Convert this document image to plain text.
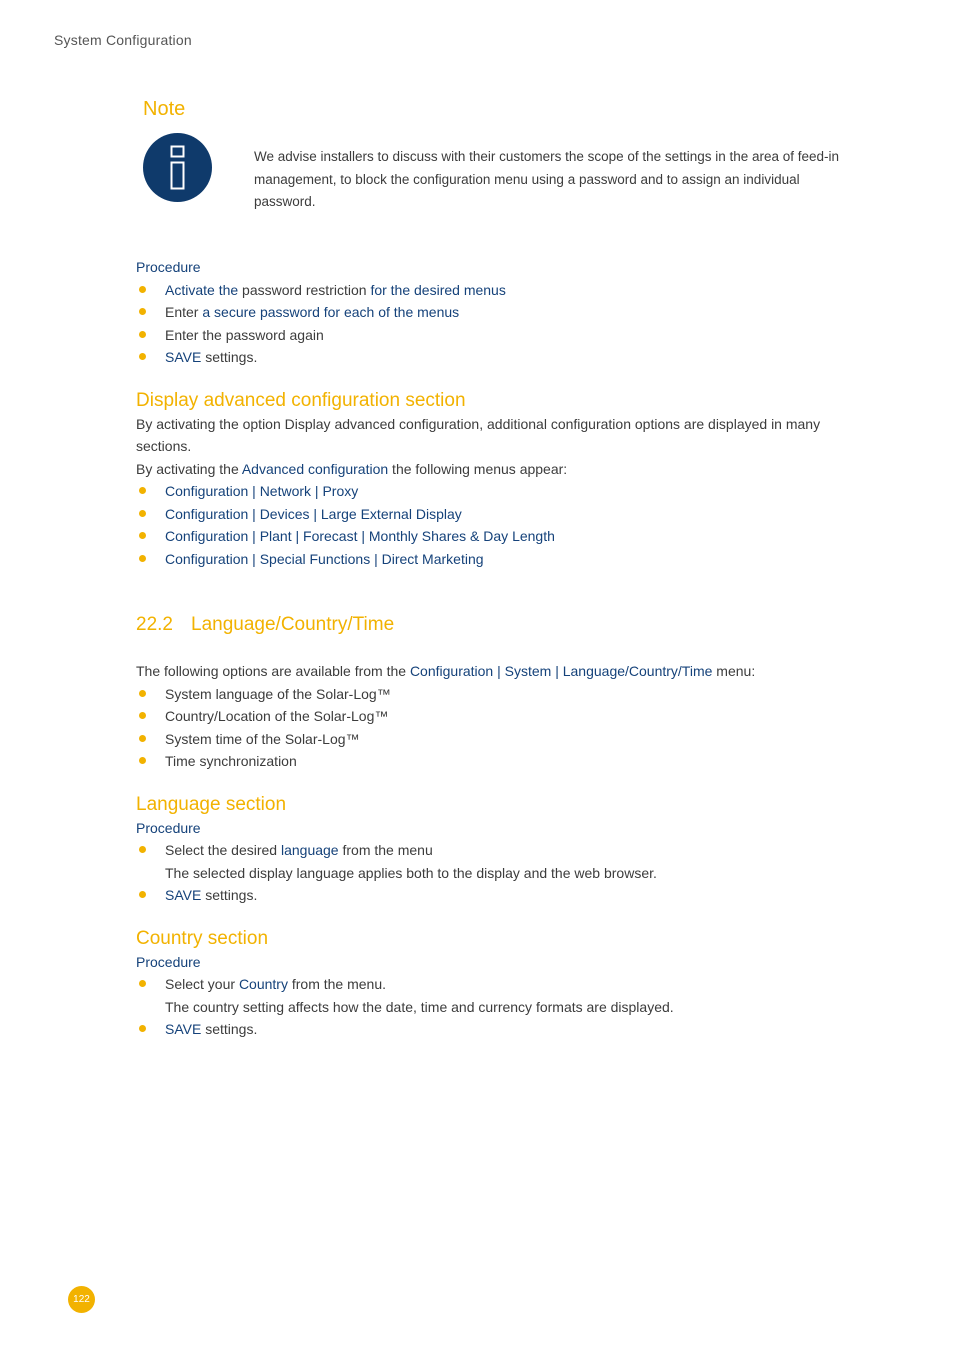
System Configuration
Note
We advise installers to discuss with their customers the scope of the settings in the area of feed-in management, to block the configuration menu using a password and to assign an individual password.
Procedure
Activate the password restriction for the desired menus
Enter a secure password for each of the menus
Enter the password again
SAVE settings.
Display advanced configuration section

By activating the option Display advanced configuration, additional configuration options are displayed in many sections.

By activating the Advanced configuration the following menus appear:

Configuration | Network | Proxy
Configuration | Devices | Large External Display
Configuration | Plant | Forecast | Monthly Shares & Day Length
Configuration | Special Functions | Direct Marketing
22.2 Language/Country/Time

The following options are available from the Configuration | System | Language/Country/Time menu:

System language of the Solar-Log™
Country/Location of the Solar-Log™
System time of the Solar-Log™
Time synchronization
Language section
Procedure
Select the desired language from the menu
The selected display language applies both to the display and the web browser.
SAVE settings.
Country section
Procedure
Select your Country from the menu.
The country setting affects how the date, time and currency formats are displayed.
SAVE settings.
122
